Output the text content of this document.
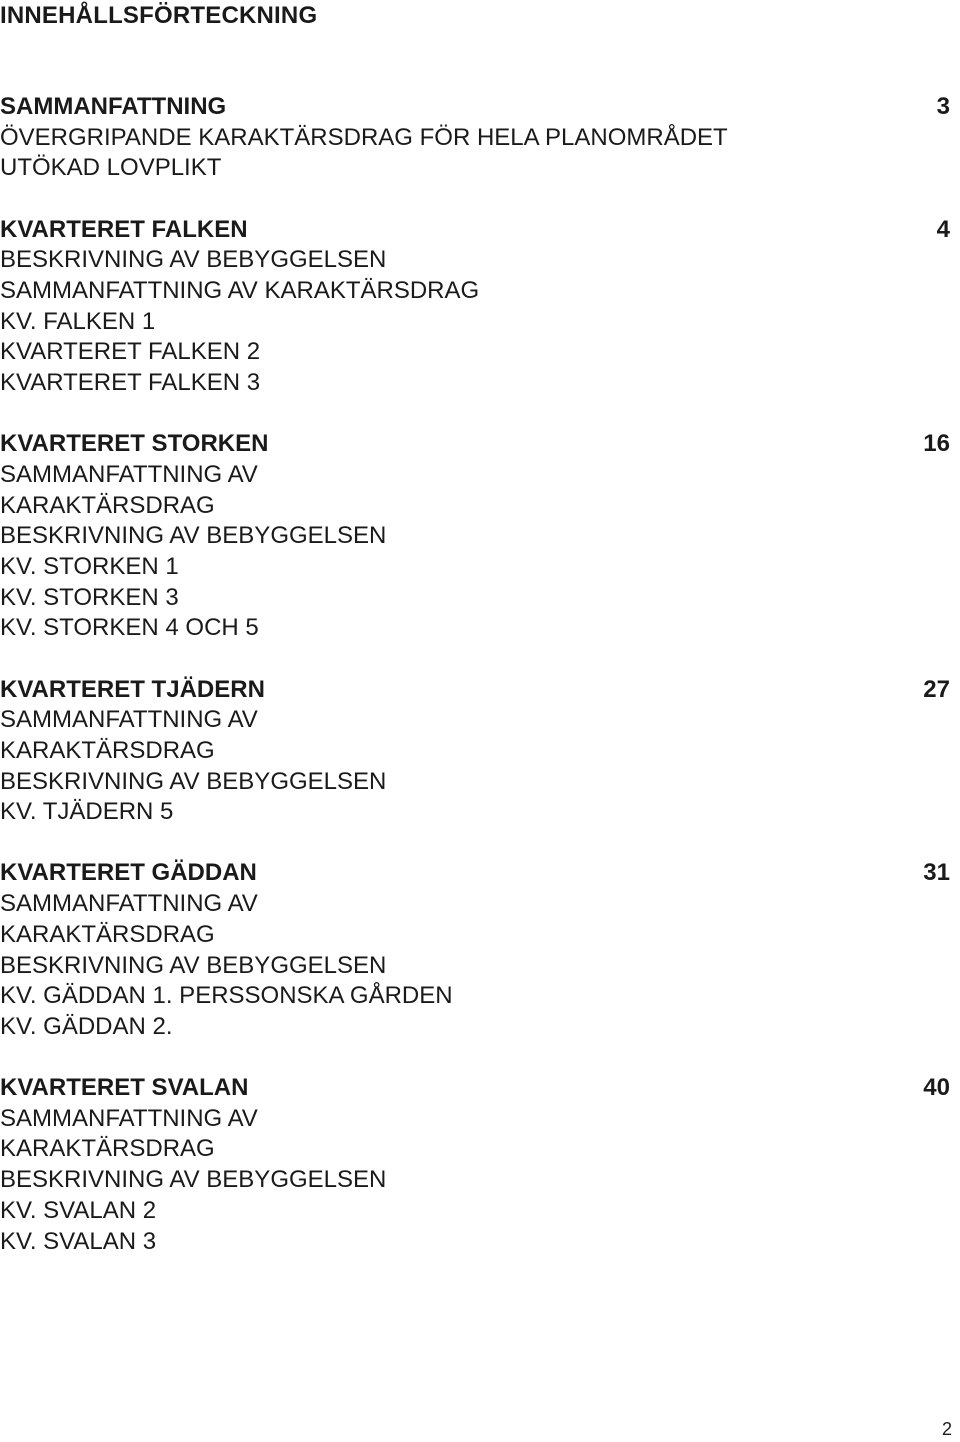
INNEHÅLLSFÖRTECKNING
SAMMANFATTNING	3
ÖVERGRIPANDE KARAKTÄRSDRAG FÖR HELA PLANOMRÅDET
UTÖKAD LOVPLIKT
KVARTERET FALKEN	4
BESKRIVNING AV BEBYGGELSEN
SAMMANFATTNING AV KARAKTÄRSDRAG
KV. FALKEN 1
KVARTERET FALKEN 2
KVARTERET FALKEN 3
KVARTERET STORKEN	16
SAMMANFATTNING AV
KARAKTÄRSDRAG
BESKRIVNING AV BEBYGGELSEN
KV. STORKEN 1
KV. STORKEN 3
KV. STORKEN 4 OCH 5
KVARTERET TJÄDERN	27
SAMMANFATTNING AV
KARAKTÄRSDRAG
BESKRIVNING AV BEBYGGELSEN
KV. TJÄDERN 5
KVARTERET GÄDDAN	31
SAMMANFATTNING AV
KARAKTÄRSDRAG
BESKRIVNING AV BEBYGGELSEN
KV. GÄDDAN 1. PERSSONSKA GÅRDEN
KV. GÄDDAN 2.
KVARTERET SVALAN	40
SAMMANFATTNING AV
KARAKTÄRSDRAG
BESKRIVNING AV BEBYGGELSEN
KV. SVALAN 2
KV. SVALAN 3
2
